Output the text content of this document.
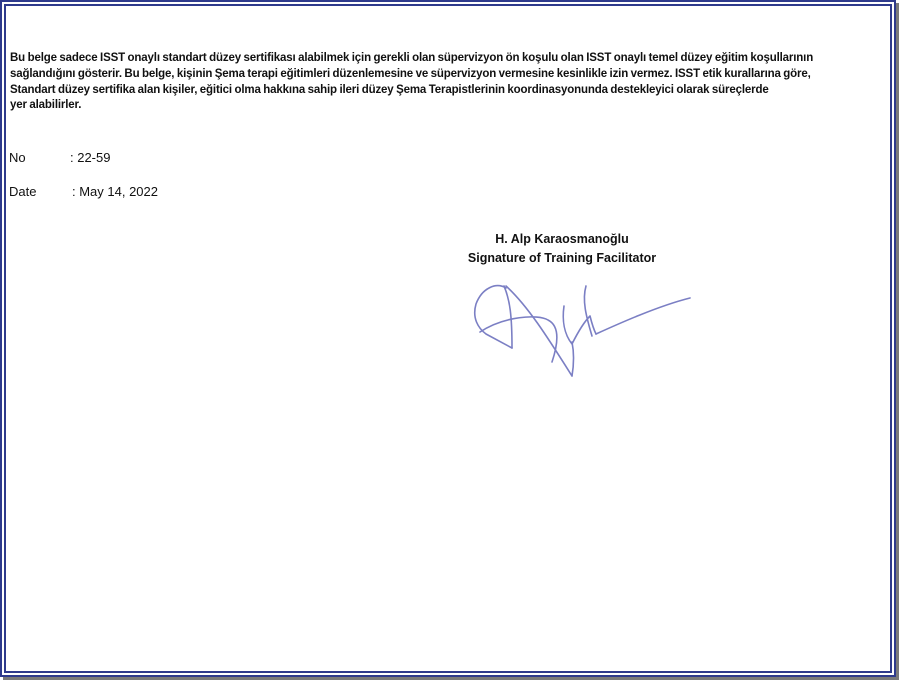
Bu belge sadece ISST onaylı standart düzey sertifikası alabilmek için gerekli olan süpervizyon ön koşulu olan ISST onaylı temel düzey eğitim koşullarının
sağlandığını gösterir. Bu belge, kişinin Şema terapi eğitimleri düzenlemesine ve süpervizyon vermesine kesinlikle izin vermez. ISST etik kurallarına göre,
Standart düzey sertifika alan kişiler, eğitici olma hakkına sahip ileri düzey Şema Terapistlerinin koordinasyonunda destekleyici olarak süreçlerde
yer alabilirler.
No	: 22-59
Date	: May 14, 2022
H. Alp Karaosmanoğlu
Signature of Training Facilitator
